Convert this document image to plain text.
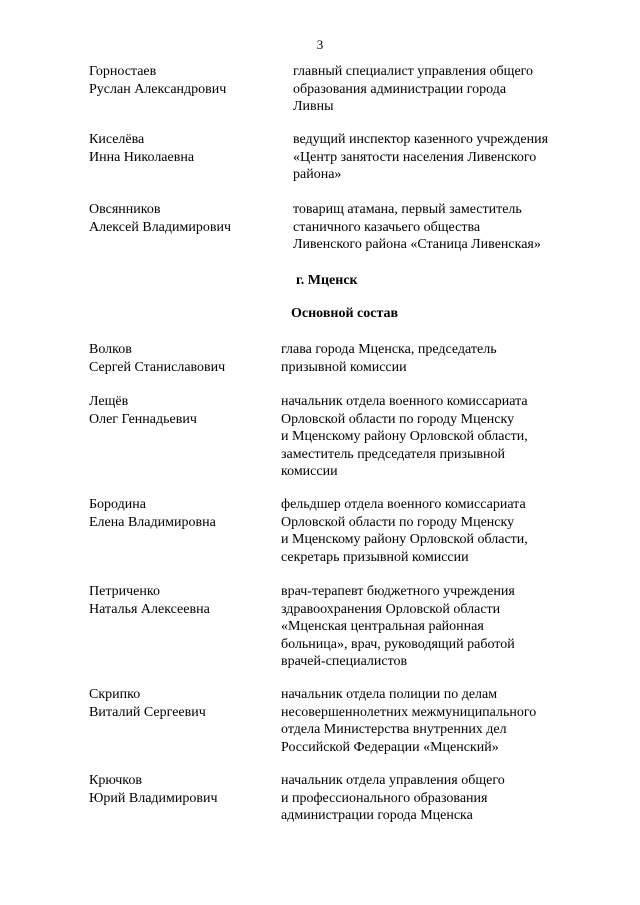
3
Горностаев
Руслан Александрович
главный специалист управления общего
образования администрации города
Ливны
Киселёва
Инна Николаевна
ведущий инспектор казенного учреждения
«Центр занятости населения Ливенского
района»
Овсянников
Алексей Владимирович
товарищ атамана, первый заместитель
станичного казачьего общества
Ливенского района «Станица Ливенская»
г. Мценск
Основной состав
Волков
Сергей Станиславович
глава города Мценска, председатель
призывной комиссии
Лещёв
Олег Геннадьевич
начальник отдела военного комиссариата
Орловской области по городу Мценску
и Мценскому району Орловской области,
заместитель председателя призывной
комиссии
Бородина
Елена Владимировна
фельдшер отдела военного комиссариата
Орловской области по городу Мценску
и Мценскому району Орловской области,
секретарь призывной комиссии
Петриченко
Наталья Алексеевна
врач-терапевт бюджетного учреждения
здравоохранения Орловской области
«Мценская центральная районная
больница», врач, руководящий работой
врачей-специалистов
Скрипко
Виталий Сергеевич
начальник отдела полиции по делам
несовершеннолетних межмуниципального
отдела Министерства внутренних дел
Российской Федерации «Мценский»
Крючков
Юрий Владимирович
начальник отдела управления общего
и профессионального образования
администрации города Мценска
